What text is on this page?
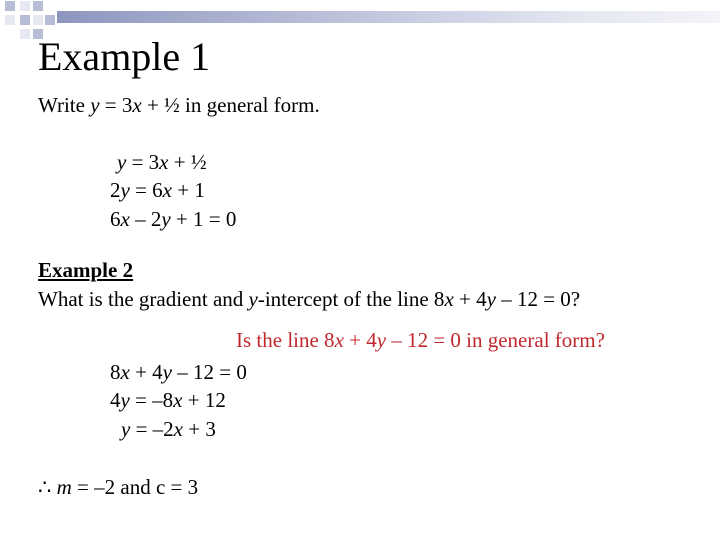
Example 1
Write y = 3x + ½ in general form.
y = 3x + ½
2y = 6x + 1
6x – 2y + 1 = 0
Example 2
What is the gradient and y-intercept of the line 8x + 4y – 12 = 0?
Is the line 8x + 4y – 12 = 0 in general form?
8x + 4y – 12 = 0
4y = –8x + 12
y = –2x + 3
∴ m = –2 and c = 3
